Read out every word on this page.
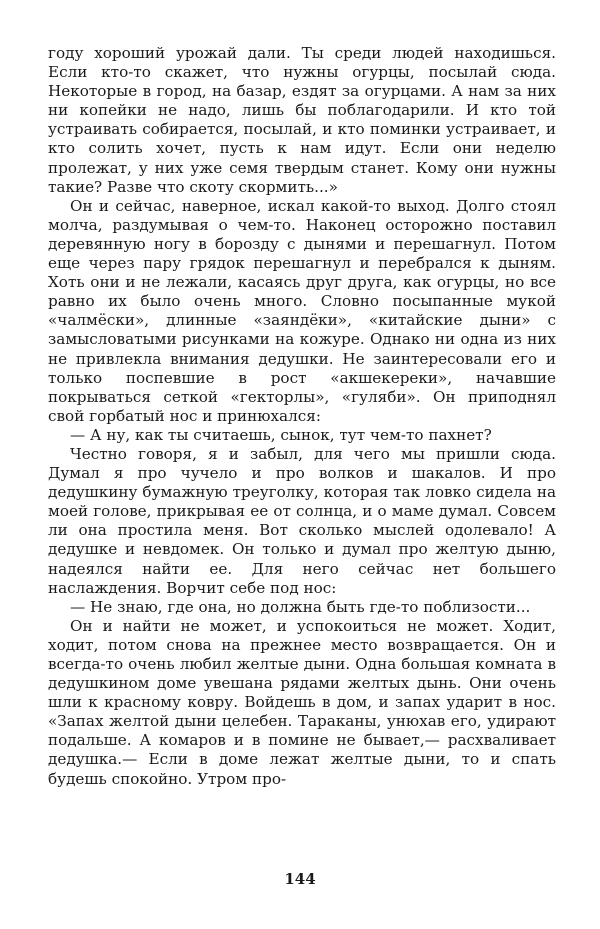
году хороший урожай дали. Ты среди людей находишься. Если кто-то скажет, что нужны огурцы, посылай сюда. Некоторые в город, на базар, ездят за огурцами. А нам за них ни копейки не надо, лишь бы поблагодарили. И кто той устраивать собирается, посылай, и кто поминки устраивает, и кто солить хочет, пусть к нам идут. Если они неделю пролежат, у них уже семя твердым станет. Кому они нужны такие? Разве что скоту скормить...»

Он и сейчас, наверное, искал какой-то выход. Долго стоял молча, раздумывая о чем-то. Наконец осторожно поставил деревянную ногу в борозду с дынями и перешагнул. Потом еще через пару грядок перешагнул и перебрался к дыням. Хоть они и не лежали, касаясь друг друга, как огурцы, но все равно их было очень много. Словно посыпанные мукой «чалмёски», длинные «заяндёки», «китайские дыни» с замысловатыми рисунками на кожуре. Однако ни одна из них не привлекла внимания дедушки. Не заинтересовали его и только поспевшие в рост «акшекереки», начавшие покрываться сеткой «гекторлы», «гуляби». Он приподнял свой горбатый нос и принюхался:

— А ну, как ты считаешь, сынок, тут чем-то пахнет?

Честно говоря, я и забыл, для чего мы пришли сюда. Думал я про чучело и про волков и шакалов. И про дедушкину бумажную треуголку, которая так ловко сидела на моей голове, прикрывая ее от солнца, и о маме думал. Совсем ли она простила меня. Вот сколько мыслей одолевало! А дедушке и невдомек. Он только и думал про желтую дыню, надеялся найти ее. Для него сейчас нет большего наслаждения. Ворчит себе под нос:

— Не знаю, где она, но должна быть где-то поблизости...

Он и найти не может, и успокоиться не может. Ходит, ходит, потом снова на прежнее место возвращается. Он и всегда-то очень любил желтые дыни. Одна большая комната в дедушкином доме увешана рядами желтых дынь. Они очень шли к красному ковру. Войдешь в дом, и запах ударит в нос. «Запах желтой дыни целебен. Тараканы, унюхав его, удирают подальше. А комаров и в помине не бывает,— расхваливает дедушка.— Если в доме лежат желтые дыни, то и спать будешь спокойно. Утром про-

144
